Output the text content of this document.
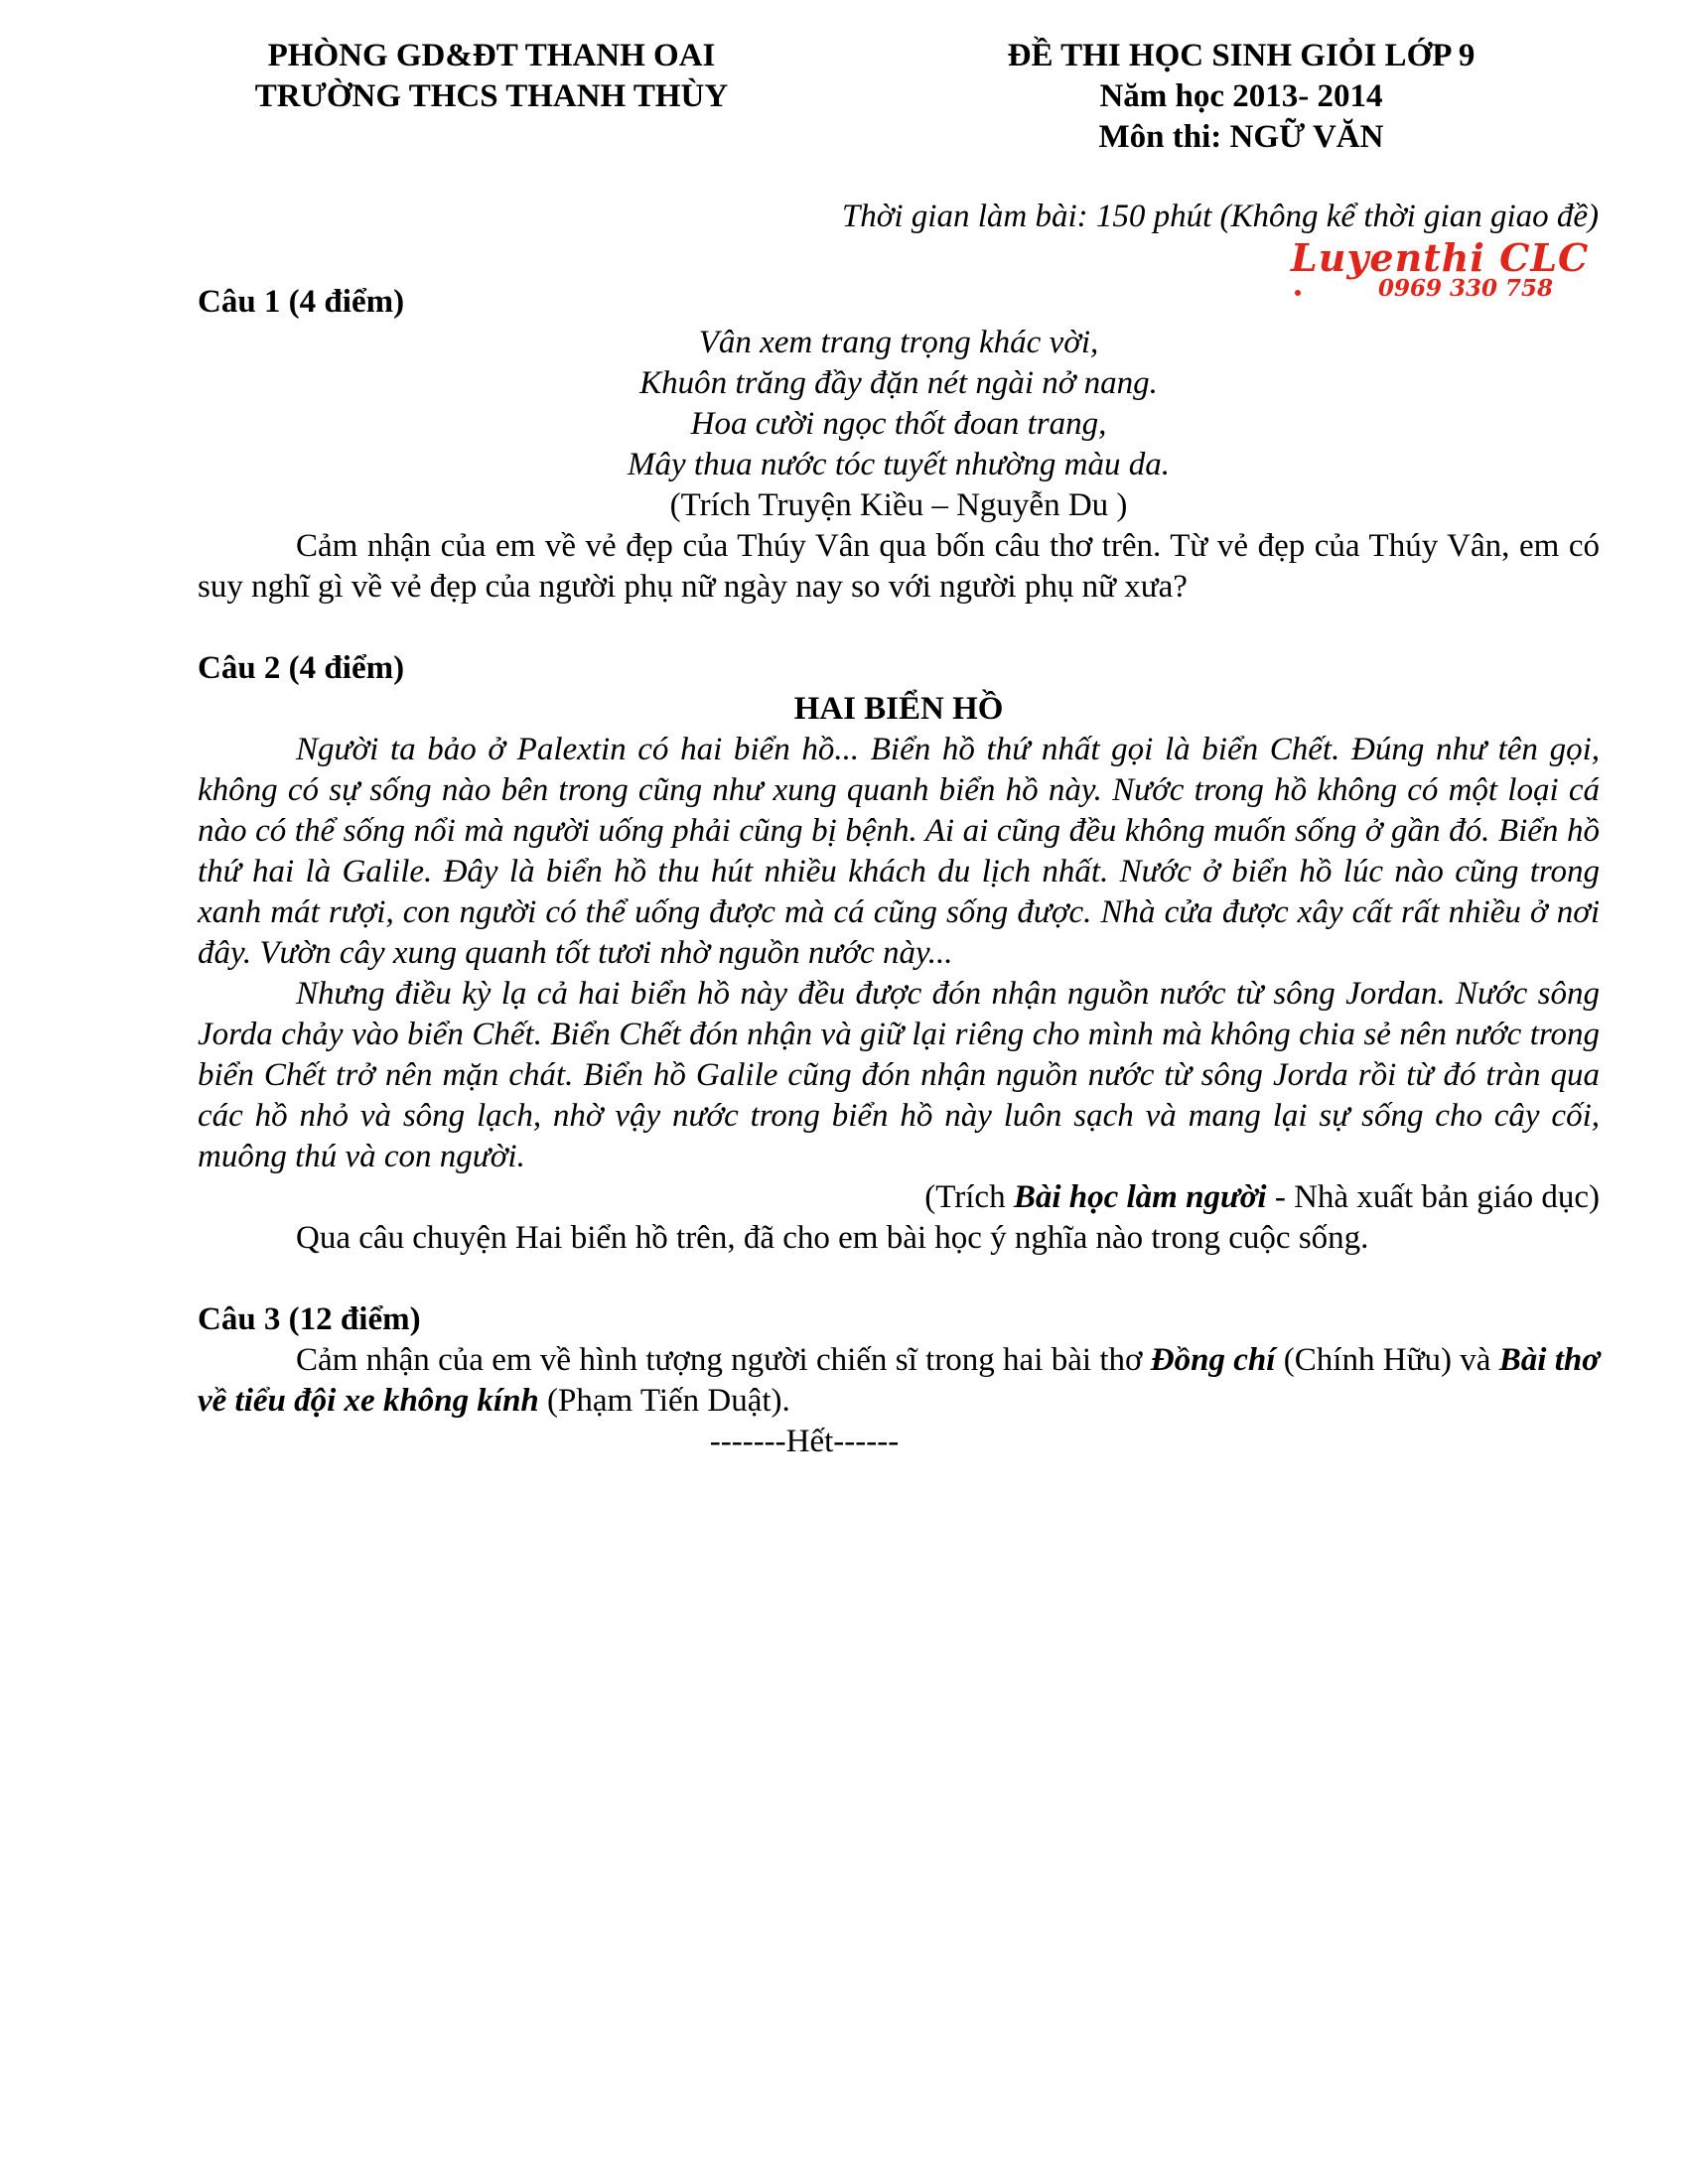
PHÒNG GD&ĐT THANH OAI
TRƯỜNG THCS THANH THÙY
ĐỀ THI HỌC SINH GIỎI LỚP 9
Năm học 2013- 2014
Môn thi: NGỮ VĂN
Thời gian làm bài: 150 phút (Không kể thời gian giao đề)
Luyenthi CLC
0969 330 758
Câu 1 (4 điểm)
Vân xem trang trọng khác vời,
Khuôn trăng đầy đặn nét ngài nở nang.
Hoa cười ngọc thốt đoan trang,
Mây thua nước tóc tuyết nhường màu da.
(Trích Truyện Kiều – Nguyễn Du )
Cảm nhận của em về vẻ đẹp của Thúy Vân qua bốn câu thơ trên. Từ vẻ đẹp của Thúy Vân, em có suy nghĩ gì về vẻ đẹp của người phụ nữ ngày nay so với người phụ nữ xưa?
Câu 2 (4 điểm)
HAI BIỂN HỒ
Người ta bảo ở Palextin có hai biển hồ... Biển hồ thứ nhất gọi là biển Chết. Đúng như tên gọi, không có sự sống nào bên trong cũng như xung quanh biển hồ này. Nước trong hồ không có một loại cá nào có thể sống nổi mà người uống phải cũng bị bệnh. Ai ai cũng đều không muốn sống ở gần đó. Biển hồ thứ hai là Galile. Đây là biển hồ thu hút nhiều khách du lịch nhất. Nước ở biển hồ lúc nào cũng trong xanh mát rượi, con người có thể uống được mà cá cũng sống được. Nhà cửa được xây cất rất nhiều ở nơi đây. Vườn cây xung quanh tốt tươi nhờ nguồn nước này...
Nhưng điều kỳ lạ cả hai biển hồ này đều được đón nhận nguồn nước từ sông Jordan. Nước sông Jorda chảy vào biển Chết. Biển Chết đón nhận và giữ lại riêng cho mình mà không chia sẻ nên nước trong biển Chết trở nên mặn chát. Biển hồ Galile cũng đón nhận nguồn nước từ sông Jorda rồi từ đó tràn qua các hồ nhỏ và sông lạch, nhờ vậy nước trong biển hồ này luôn sạch và mang lại sự sống cho cây cối, muông thú và con người.
(Trích Bài học làm người - Nhà xuất bản giáo dục)
Qua câu chuyện Hai biển hồ trên, đã cho em bài học ý nghĩa nào trong cuộc sống.
Câu 3 (12 điểm)
Cảm nhận của em về hình tượng người chiến sĩ trong hai bài thơ Đồng chí (Chính Hữu) và Bài thơ về tiểu đội xe không kính (Phạm Tiến Duật).
-------Hết------
